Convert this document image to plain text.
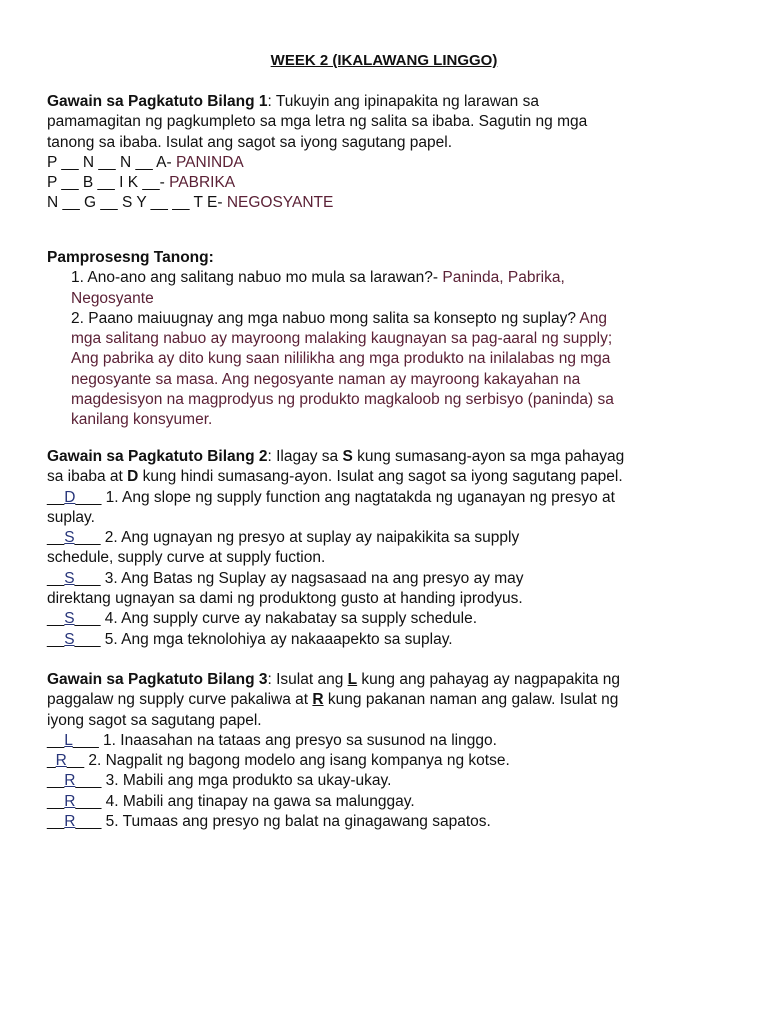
WEEK 2 (IKALAWANG LINGGO)
Gawain sa Pagkatuto Bilang 1: Tukuyin ang ipinapakita ng larawan sa
pamamagitan ng pagkumpleto sa mga letra ng salita sa ibaba. Sagutin ng mga
tanong sa ibaba. Isulat ang sagot sa iyong sagutang papel.
P __ N __ N __ A- PANINDA
P __ B __ I K __- PABRIKA
N __ G __ S Y __ __ T E- NEGOSYANTE
Pamprosesng Tanong:
1. Ano-ano ang salitang nabuo mo mula sa larawan?- Paninda, Pabrika,
Negosyante
2. Paano maiuugnay ang mga nabuo mong salita sa konsepto ng suplay? Ang
mga salitang nabuo ay mayroong malaking kaugnayan sa pag-aaral ng supply;
Ang pabrika ay dito kung saan nililikha ang mga produkto na inilalabas ng mga
negosyante sa masa. Ang negosyante naman ay mayroong kakayahan na
magdesisyon na magprodyus ng produkto magkaloob ng serbisyo (paninda) sa
kanilang konsyumer.
Gawain sa Pagkatuto Bilang 2: Ilagay sa S kung sumasang-ayon sa mga pahayag
sa ibaba at D kung hindi sumasang-ayon. Isulat ang sagot sa iyong sagutang papel.
__D___ 1. Ang slope ng supply function ang nagtatakda ng uganayan ng presyo at
suplay.
__S___ 2. Ang ugnayan ng presyo at suplay ay naipakikita sa supply
schedule, supply curve at supply fuction.
__S___ 3. Ang Batas ng Suplay ay nagsasaad na ang presyo ay may
direktang ugnayan sa dami ng produktong gusto at handing iprodyus.
__S___ 4. Ang supply curve ay nakabatay sa supply schedule.
__S___ 5. Ang mga teknolohiya ay nakaaapekto sa suplay.
Gawain sa Pagkatuto Bilang 3: Isulat ang L kung ang pahayag ay nagpapakita ng
paggalaw ng supply curve pakaliwa at R kung pakanan naman ang galaw. Isulat ng
iyong sagot sa sagutang papel.
__L___ 1. Inaasahan na tataas ang presyo sa susunod na linggo.
_R__ 2. Nagpalit ng bagong modelo ang isang kompanya ng kotse.
__R___ 3. Mabili ang mga produkto sa ukay-ukay.
__R___ 4. Mabili ang tinapay na gawa sa malunggay.
__R___ 5. Tumaas ang presyo ng balat na ginagawang sapatos.
